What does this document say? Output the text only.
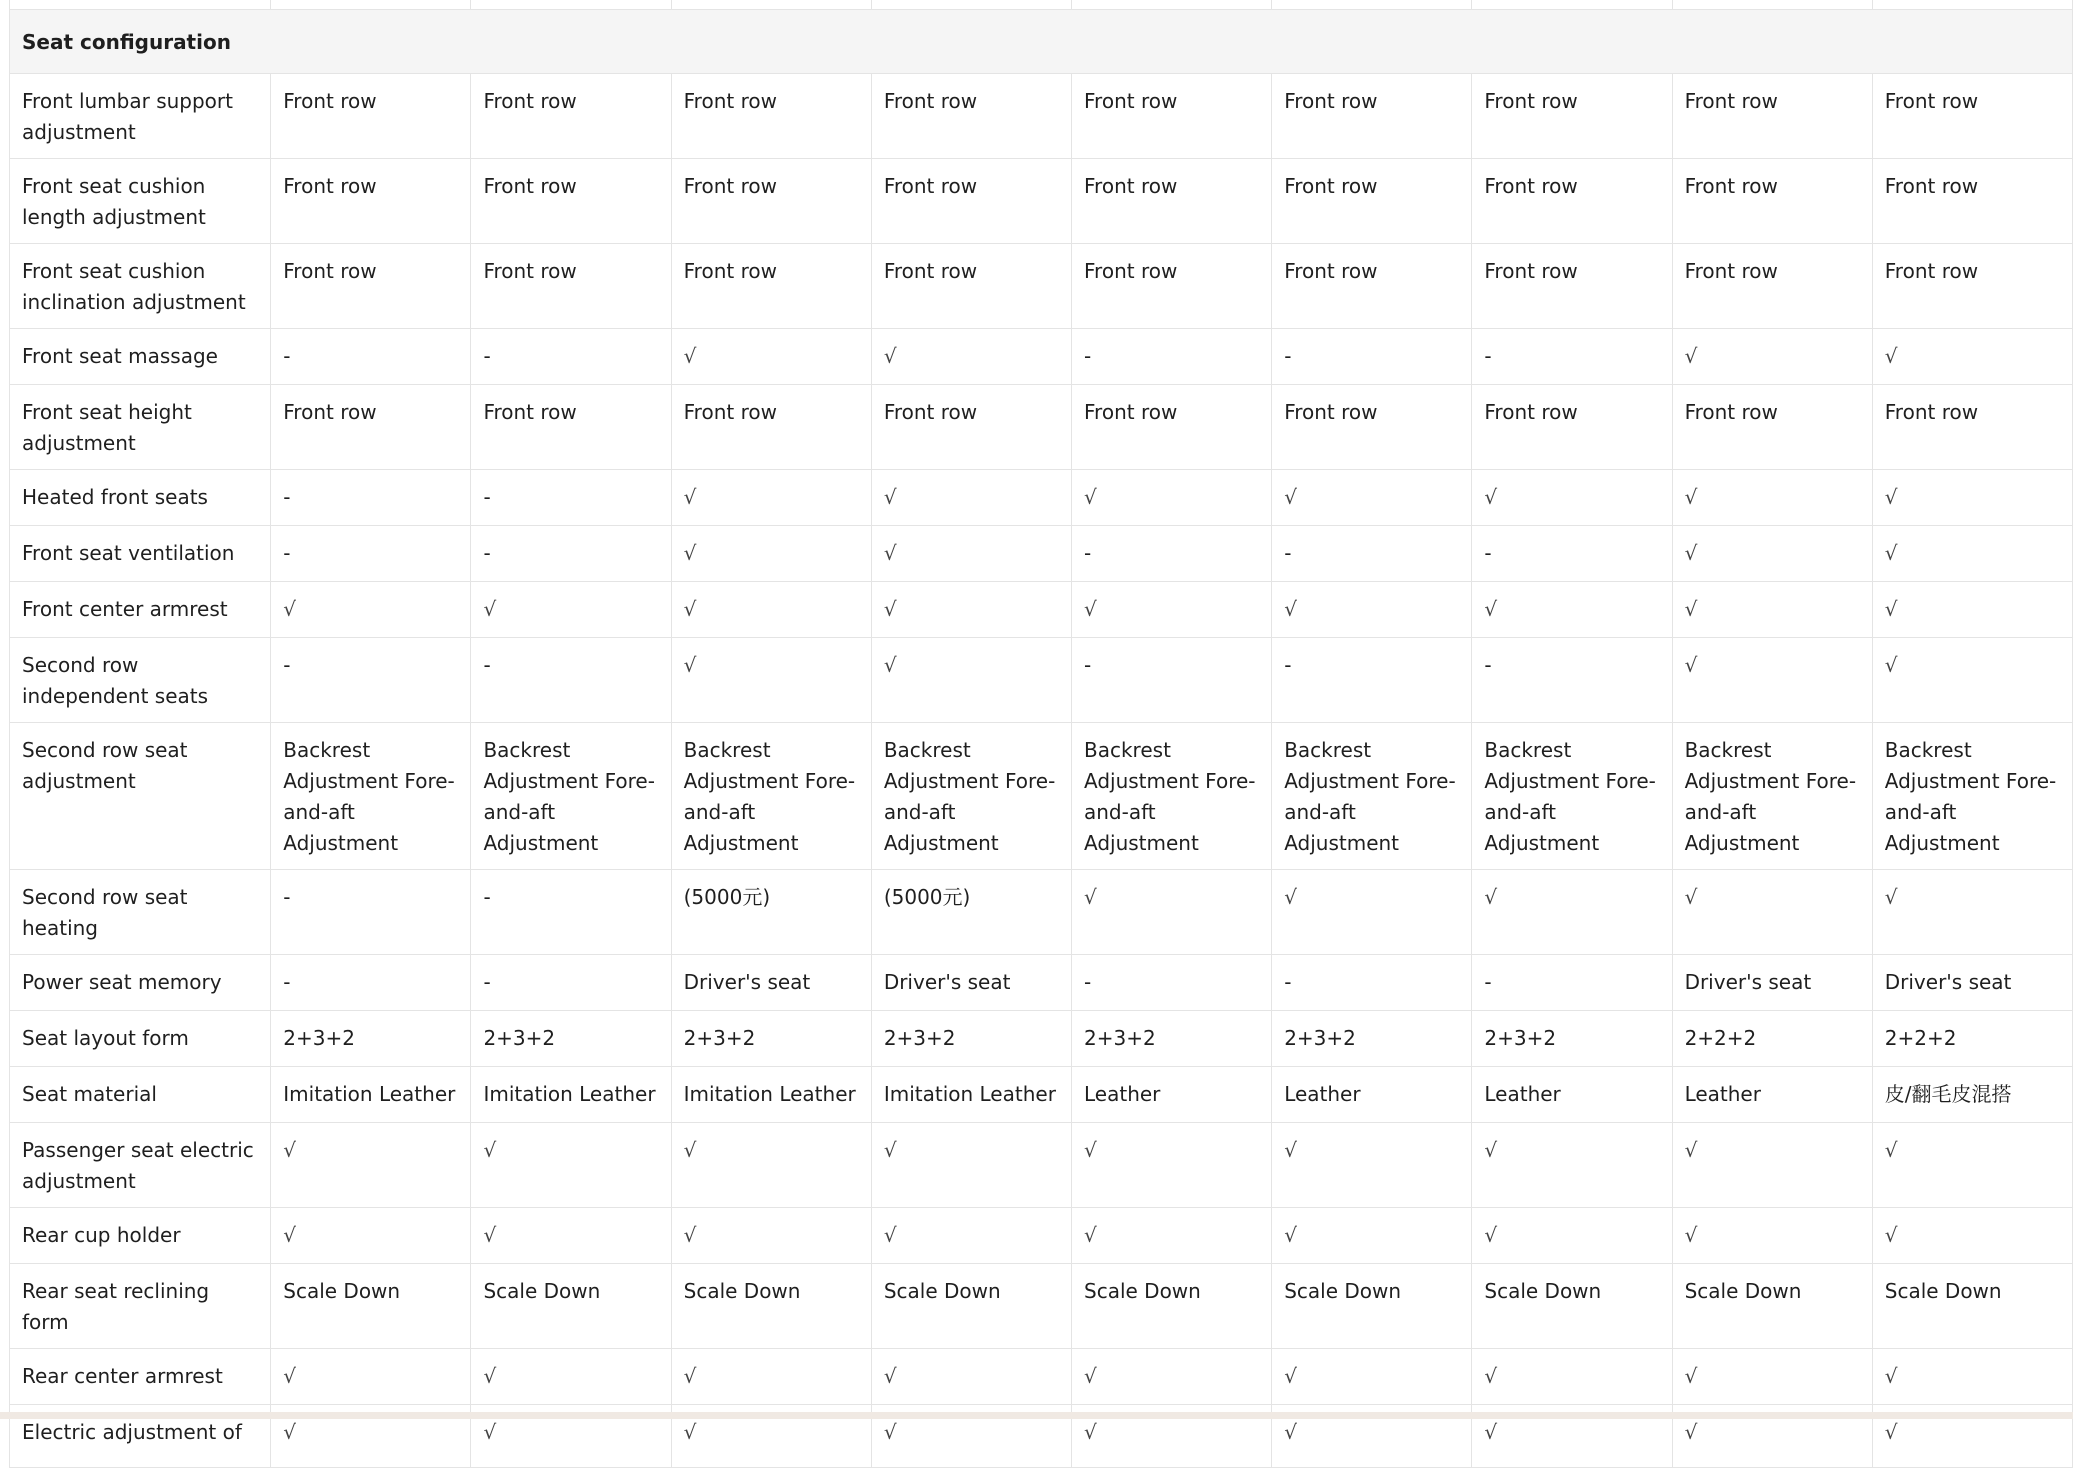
Seat configuration									
Front lumbar support adjustment	Front row	Front row	Front row	Front row	Front row	Front row	Front row	Front row	Front row
Front seat cushion length adjustment	Front row	Front row	Front row	Front row	Front row	Front row	Front row	Front row	Front row
Front seat cushion inclination adjustment	Front row	Front row	Front row	Front row	Front row	Front row	Front row	Front row	Front row
Front seat massage	-	-	√	√	-	-	-	√	√
Front seat height adjustment	Front row	Front row	Front row	Front row	Front row	Front row	Front row	Front row	Front row
Heated front seats	-	-	√	√	√	√	√	√	√
Front seat ventilation	-	-	√	√	-	-	-	√	√
Front center armrest	√	√	√	√	√	√	√	√	√
Second row independent seats	-	-	√	√	-	-	-	√	√
Second row seat adjustment	Backrest Adjustment Fore-and-aft Adjustment	Backrest Adjustment Fore-and-aft Adjustment	Backrest Adjustment Fore-and-aft Adjustment	Backrest Adjustment Fore-and-aft Adjustment	Backrest Adjustment Fore-and-aft Adjustment	Backrest Adjustment Fore-and-aft Adjustment	Backrest Adjustment Fore-and-aft Adjustment	Backrest Adjustment Fore-and-aft Adjustment	Backrest Adjustment Fore-and-aft Adjustment
Second row seat heating	-	-	(5000元)	(5000元)	√	√	√	√	√
Power seat memory	-	-	Driver's seat	Driver's seat	-	-	-	Driver's seat	Driver's seat
Seat layout form	2+3+2	2+3+2	2+3+2	2+3+2	2+3+2	2+3+2	2+3+2	2+2+2	2+2+2
Seat material	Imitation Leather	Imitation Leather	Imitation Leather	Imitation Leather	Leather	Leather	Leather	Leather	皮/翻毛皮混搭
Passenger seat electric adjustment	√	√	√	√	√	√	√	√	√
Rear cup holder	√	√	√	√	√	√	√	√	√
Rear seat reclining form	Scale Down	Scale Down	Scale Down	Scale Down	Scale Down	Scale Down	Scale Down	Scale Down	Scale Down
Rear center armrest	√	√	√	√	√	√	√	√	√
Electric adjustment of	√	√	√	√	√	√	√	√	√
